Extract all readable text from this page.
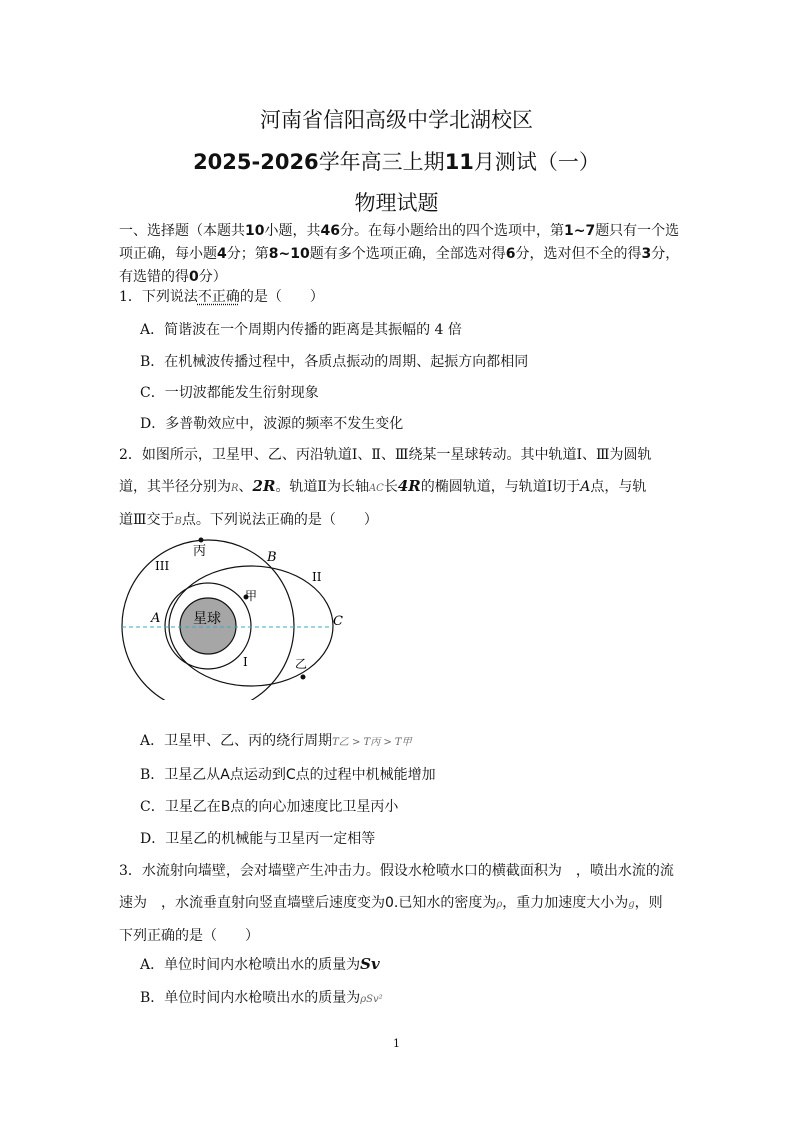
河南省信阳高级中学北湖校区
2025-2026学年高三上期11月测试（一）
物理试题
一、选择题（本题共10小题，共46分。在每小题给出的四个选项中，第1~7题只有一个选项正确，每小题4分；第8~10题有多个选项正确，全部选对得6分，选对但不全的得3分，有选错的得0分）
1．下列说法不正确的是（　　）
A．简谐波在一个周期内传播的距离是其振幅的 4 倍
B．在机械波传播过程中，各质点振动的周期、起振方向都相同
C．一切波都能发生衍射现象
D．多普勒效应中，波源的频率不发生变化
2．如图所示，卫星甲、乙、丙沿轨道Ⅰ、Ⅱ、Ⅲ绕某一星球转动。其中轨道Ⅰ、Ⅲ为圆轨
道，其半径分别为R、2R。轨道Ⅱ为长轴AC长4R的椭圆轨道，与轨道Ⅰ切于A点，与轨
道Ⅲ交于B点。下列说法正确的是（　　）
星球
丙
甲
乙
I
II
III
A
B
C
A．卫星甲、乙、丙的绕行周期T乙 > T丙 > T甲
B．卫星乙从A点运动到C点的过程中机械能增加
C．卫星乙在B点的向心加速度比卫星丙小
D．卫星乙的机械能与卫星丙一定相等
3．水流射向墙壁，会对墙壁产生冲击力。假设水枪喷水口的横截面积为　，喷出水流的流
速为　，水流垂直射向竖直墙壁后速度变为0.已知水的密度为ρ，重力加速度大小为g，则
下列正确的是（　　）
A．单位时间内水枪喷出水的质量为Sv
B．单位时间内水枪喷出水的质量为ρSv²
1
